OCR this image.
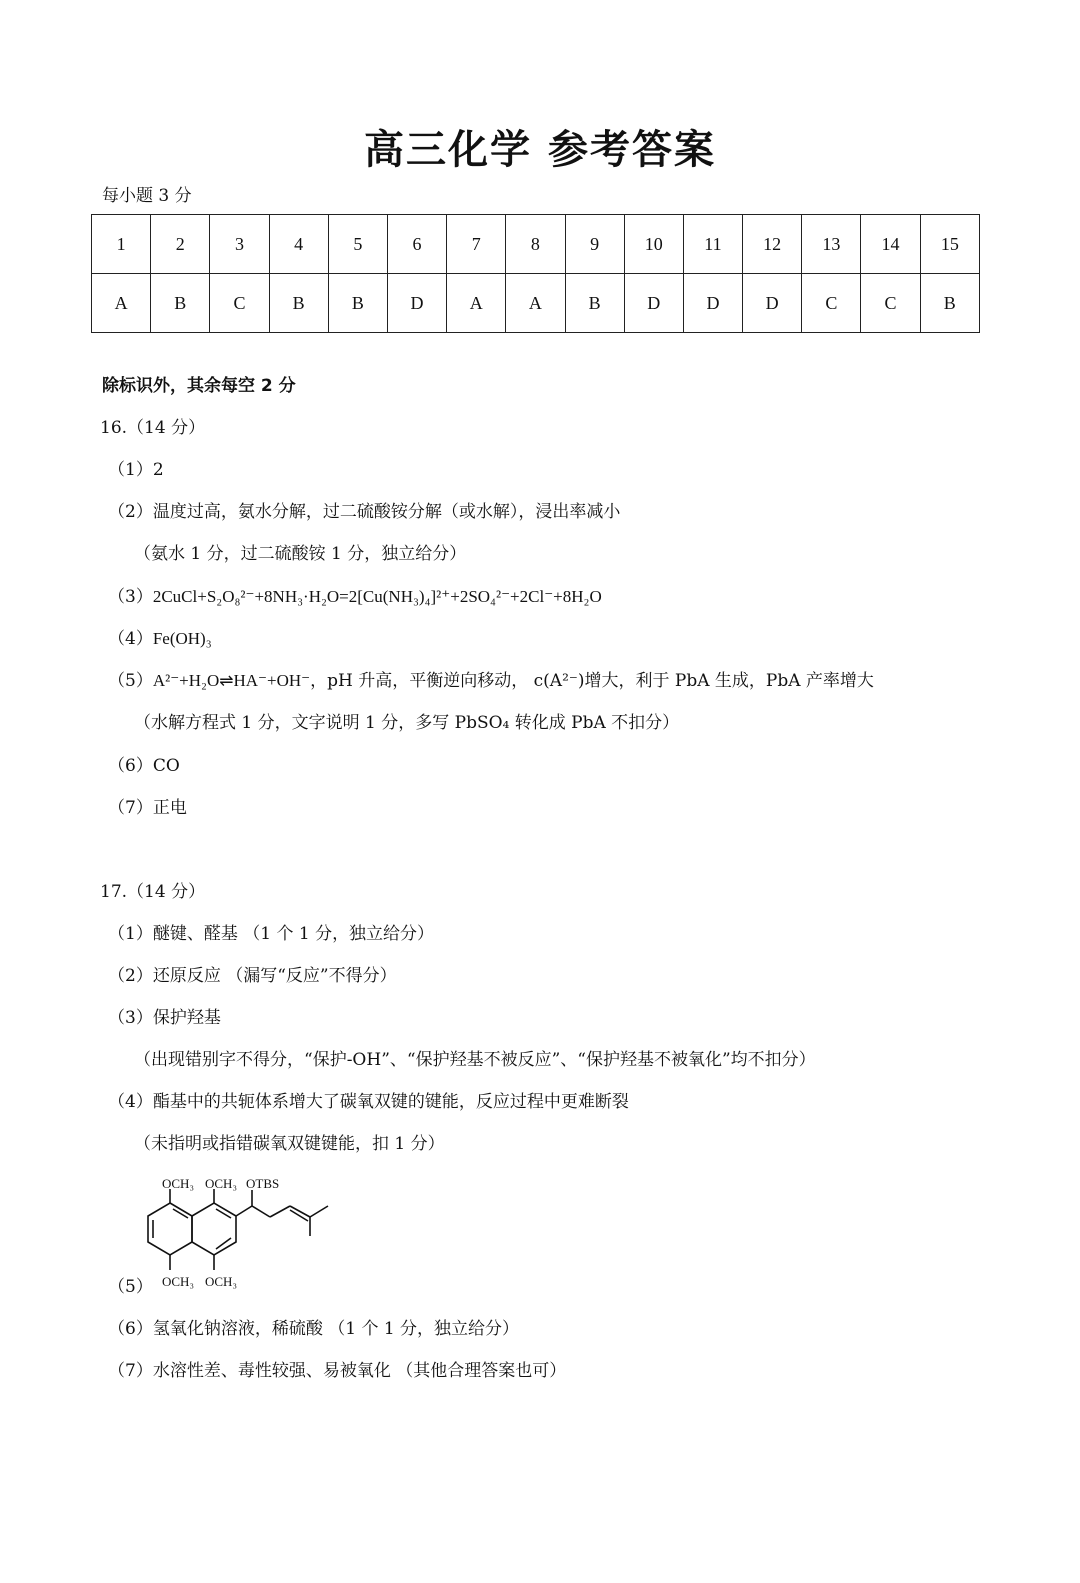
高三化学 参考答案
每小题 3 分
1	2	3	4	5	6	7	8	9	10	11	12	13	14	15
A	B	C	B	B	D	A	A	B	D	D	D	C	C	B
除标识外，其余每空 2 分
16.（14 分）
（1）2
（2）温度过高，氨水分解，过二硫酸铵分解（或水解），浸出率减小
（氨水 1 分，过二硫酸铵 1 分，独立给分）
（3）2CuCl+S₂O₈²⁻+8NH₃·H₂O=2[Cu(NH₃)₄]²⁺+2SO₄²⁻+2Cl⁻+8H₂O
（4）Fe(OH)₃
（5）A²⁻+H₂O⇌HA⁻+OH⁻，pH 升高，平衡逆向移动， c(A²⁻)增大，利于 PbA 生成，PbA 产率增大
（水解方程式 1 分，文字说明 1 分，多写 PbSO₄ 转化成 PbA 不扣分）
（6）CO
（7）正电
17.（14 分）
（1）醚键、醛基 （1 个 1 分，独立给分）
（2）还原反应 （漏写“反应”不得分）
（3）保护羟基
（出现错别字不得分，“保护-OH”、“保护羟基不被反应”、“保护羟基不被氧化”均不扣分）
（4）酯基中的共轭体系增大了碳氧双键的键能，反应过程中更难断裂
（未指明或指错碳氧双键键能，扣 1 分）
（5）
OCH₃ OCH₃ OTBS
OCH₃ OCH₃
（6）氢氧化钠溶液，稀硫酸 （1 个 1 分，独立给分）
（7）水溶性差、毒性较强、易被氧化 （其他合理答案也可）
